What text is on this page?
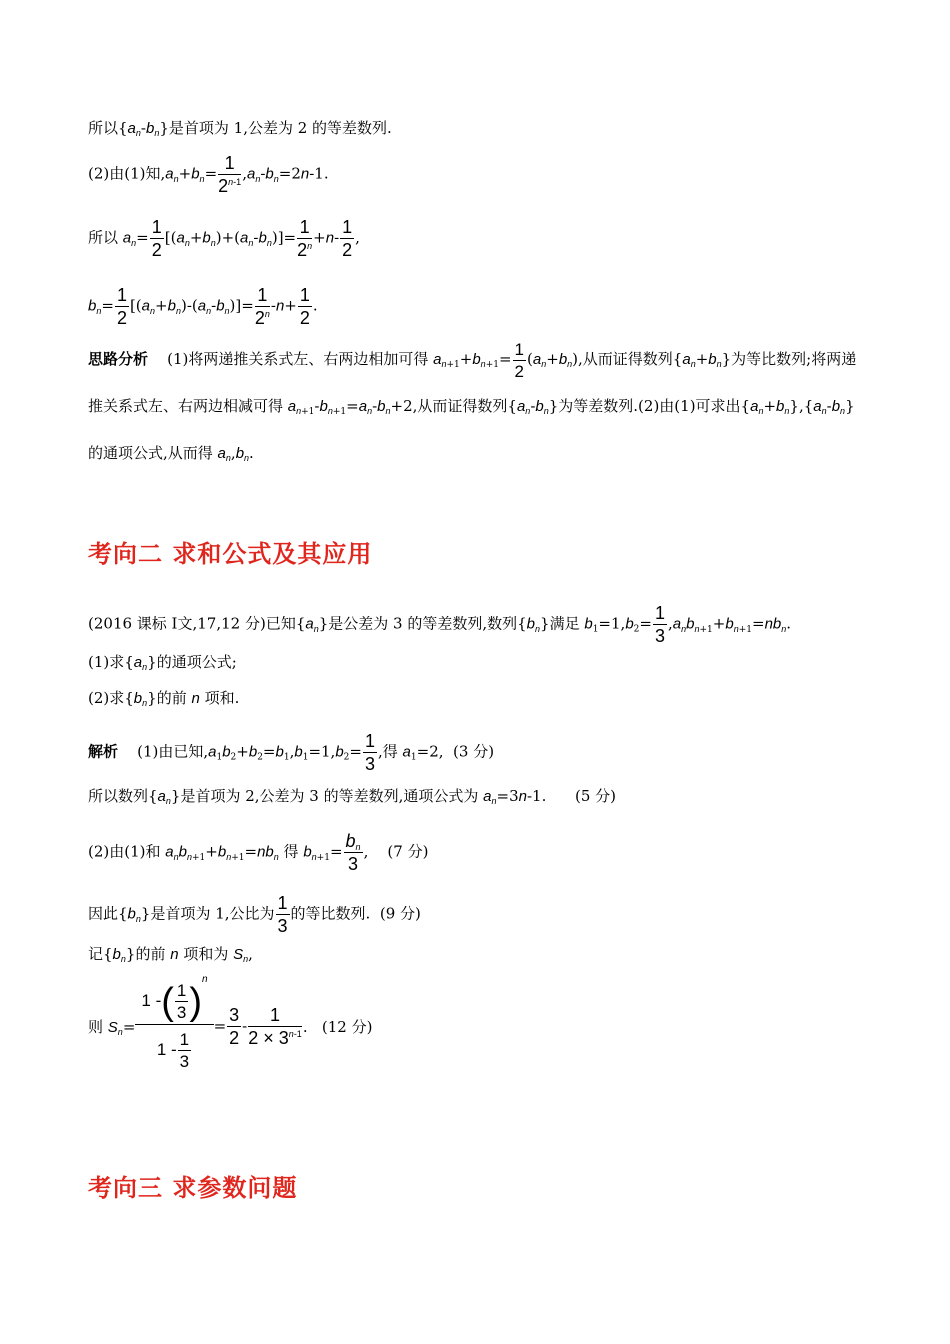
所以$\{a_n-b_n\}$是首项为 1,公差为 2 的等差数列.
(2)由(1)知$,a_n+b_n= \frac{1}{2^{n-1}} ,a_n-b_n=2n-1$.
所以 $a_n= \frac{1}{2} [(a_n+b_n)+(a_n-b_n)]= \frac{1}{2^n} +n- \frac{1}{2}$ ,
$b_n= \frac{1}{2} [(a_n+b_n)-(a_n-b_n)]= \frac{1}{2^n} -n+ \frac{1}{2}$ .
思路分析    (1)将两递推关系式左、右两边相加可得 $a_{n+1}+b_{n+1}= \frac{1}{2} (a_n+b_n)$,从而证得数列$\{a_n+b_n\}$为等比数列;将两递推关系式左、右两边相减可得 $a_{n+1}-b_{n+1}=a_n-b_n+2$,从而证得数列$\{a_n-b_n\}$为等差数列.(2)由(1)可求出$\{a_n+b_n\},\{a_n-b_n\}$的通项公式,从而得 $a_n,b_n$.
考向二 求和公式及其应用
(2016 课标 Ⅰ文,17,12 分)已知$\{a_n\}$是公差为 3 的等差数列,数列$\{b_n\}$满足 $b_1=1,b_2= \frac{1}{3} ,a_nb_{n+1}+b_{n+1}=nb_n$.
(1)求$\{a_n\}$的通项公式;
(2)求$\{b_n\}$的前 n 项和.
解析    (1)由已知$,a_1b_2+b_2=b_1,b_1=1,b_2= \frac{1}{3}$ ,得 $a_1=2$,  (3 分)
所以数列$\{a_n\}$是首项为 2,公差为 3 的等差数列,通项公式为 $a_n=3n-1$.      (5 分)
(2)由(1)和 $a_nb_{n+1}+b_{n+1}=nb_n$ 得 $b_{n+1}= \frac{b_n}{3}$ ,    (7 分)
因此$\{b_n\}$是首项为 1,公比为 $\frac{1}{3}$ 的等比数列.  (9 分)
记$\{b_n\}$的前 n 项和为 $S_n$,
则 $S_n= \frac{1 -( \frac{1}{3} )^n}{1 - \frac{1}{3}} = \frac{3}{2} - \frac{1}{2 \times 3^{n-1}}$ .   (12 分)
考向三 求参数问题
